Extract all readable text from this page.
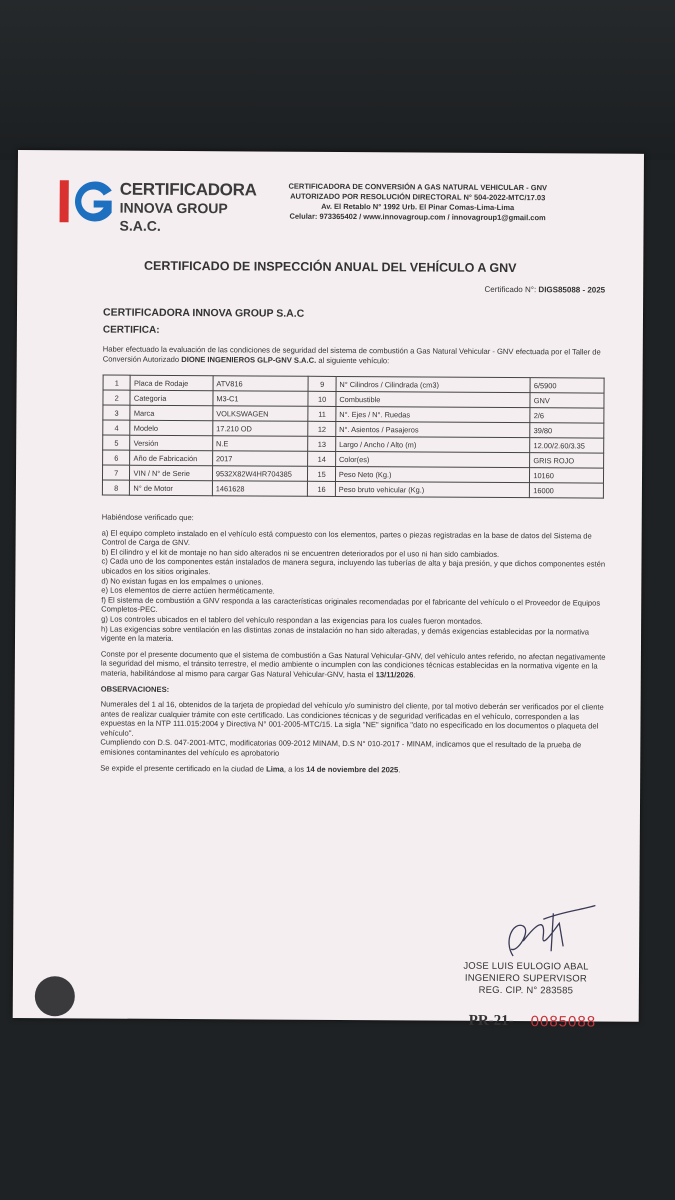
CERTIFICADORA
INNOVA GROUP S.A.C.
CERTIFICADORA DE CONVERSIÓN A GAS NATURAL VEHICULAR - GNV
AUTORIZADO POR RESOLUCIÓN DIRECTORAL N° 504-2022-MTC/17.03
Av. El Retablo N° 1992 Urb. El Pinar Comas-Lima-Lima
Celular: 973365402 / www.innovagroup.com / innovagroup1@gmail.com
CERTIFICADO DE INSPECCIÓN ANUAL DEL VEHÍCULO A GNV
Certificado N°: DIGS85088 - 2025
CERTIFICADORA INNOVA GROUP S.A.C
CERTIFICA:
Haber efectuado la evaluación de las condiciones de seguridad del sistema de combustión a Gas Natural Vehicular - GNV efectuada por el Taller de Conversión Autorizado DIONE INGENIEROS GLP-GNV S.A.C. al siguiente vehículo:
1	Placa de Rodaje	ATV816	9	N° Cilindros / Cilindrada (cm3)	6/5900
2	Categoría	M3-C1	10	Combustible	GNV
3	Marca	VOLKSWAGEN	11	N°. Ejes / N°. Ruedas	2/6
4	Modelo	17.210 OD	12	N°. Asientos / Pasajeros	39/80
5	Versión	N.E	13	Largo / Ancho / Alto (m)	12.00/2.60/3.35
6	Año de Fabricación	2017	14	Color(es)	GRIS ROJO
7	VIN / N° de Serie	9532X82W4HR704385	15	Peso Neto (Kg.)	10160
8	N° de Motor	1461628	16	Peso bruto vehicular (Kg.)	16000

Habiéndose verificado que:

a) El equipo completo instalado en el vehículo está compuesto con los elementos, partes o piezas registradas en la base de datos del Sistema de Control de Carga de GNV.

b) El cilindro y el kit de montaje no han sido alterados ni se encuentren deteriorados por el uso ni han sido cambiados.

c) Cada uno de los componentes están instalados de manera segura, incluyendo las tuberías de alta y baja presión, y que dichos componentes estén ubicados en los sitios originales.

d) No existan fugas en los empalmes o uniones.

e) Los elementos de cierre actúen herméticamente.

f) El sistema de combustión a GNV responda a las características originales recomendadas por el fabricante del vehículo o el Proveedor de Equipos Completos-PEC.

g) Los controles ubicados en el tablero del vehículo respondan a las exigencias para los cuales fueron montados.

h) Las exigencias sobre ventilación en las distintas zonas de instalación no han sido alteradas, y demás exigencias establecidas por la normativa vigente en la materia.

Conste por el presente documento que el sistema de combustión a Gas Natural Vehicular-GNV, del vehículo antes referido, no afectan negativamente la seguridad del mismo, el tránsito terrestre, el medio ambiente o incumplen con las condiciones técnicas establecidas en la normativa vigente en la materia, habilitándose al mismo para cargar Gas Natural Vehicular-GNV, hasta el 13/11/2026.

OBSERVACIONES:

Numerales del 1 al 16, obtenidos de la tarjeta de propiedad del vehículo y/o suministro del cliente, por tal motivo deberán ser verificados por el cliente antes de realizar cualquier trámite con este certificado. Las condiciones técnicas y de seguridad verificadas en el vehículo, corresponden a las expuestas en la NTP 111.015:2004 y Directiva N° 001-2005-MTC/15. La sigla "NE" significa "dato no especificado en los documentos o plaqueta del vehículo".

Cumpliendo con D.S. 047-2001-MTC, modificatorias 009-2012 MINAM, D.S N° 010-2017 - MINAM, indicamos que el resultado de la prueba de emisiones contaminantes del vehículo es aprobatorio

Se expide el presente certificado en la ciudad de Lima, a los 14 de noviembre del 2025.

JOSE LUIS EULOGIO ABAL
INGENIERO SUPERVISOR
REG. CIP. N° 283585
PR-21- 0085088
